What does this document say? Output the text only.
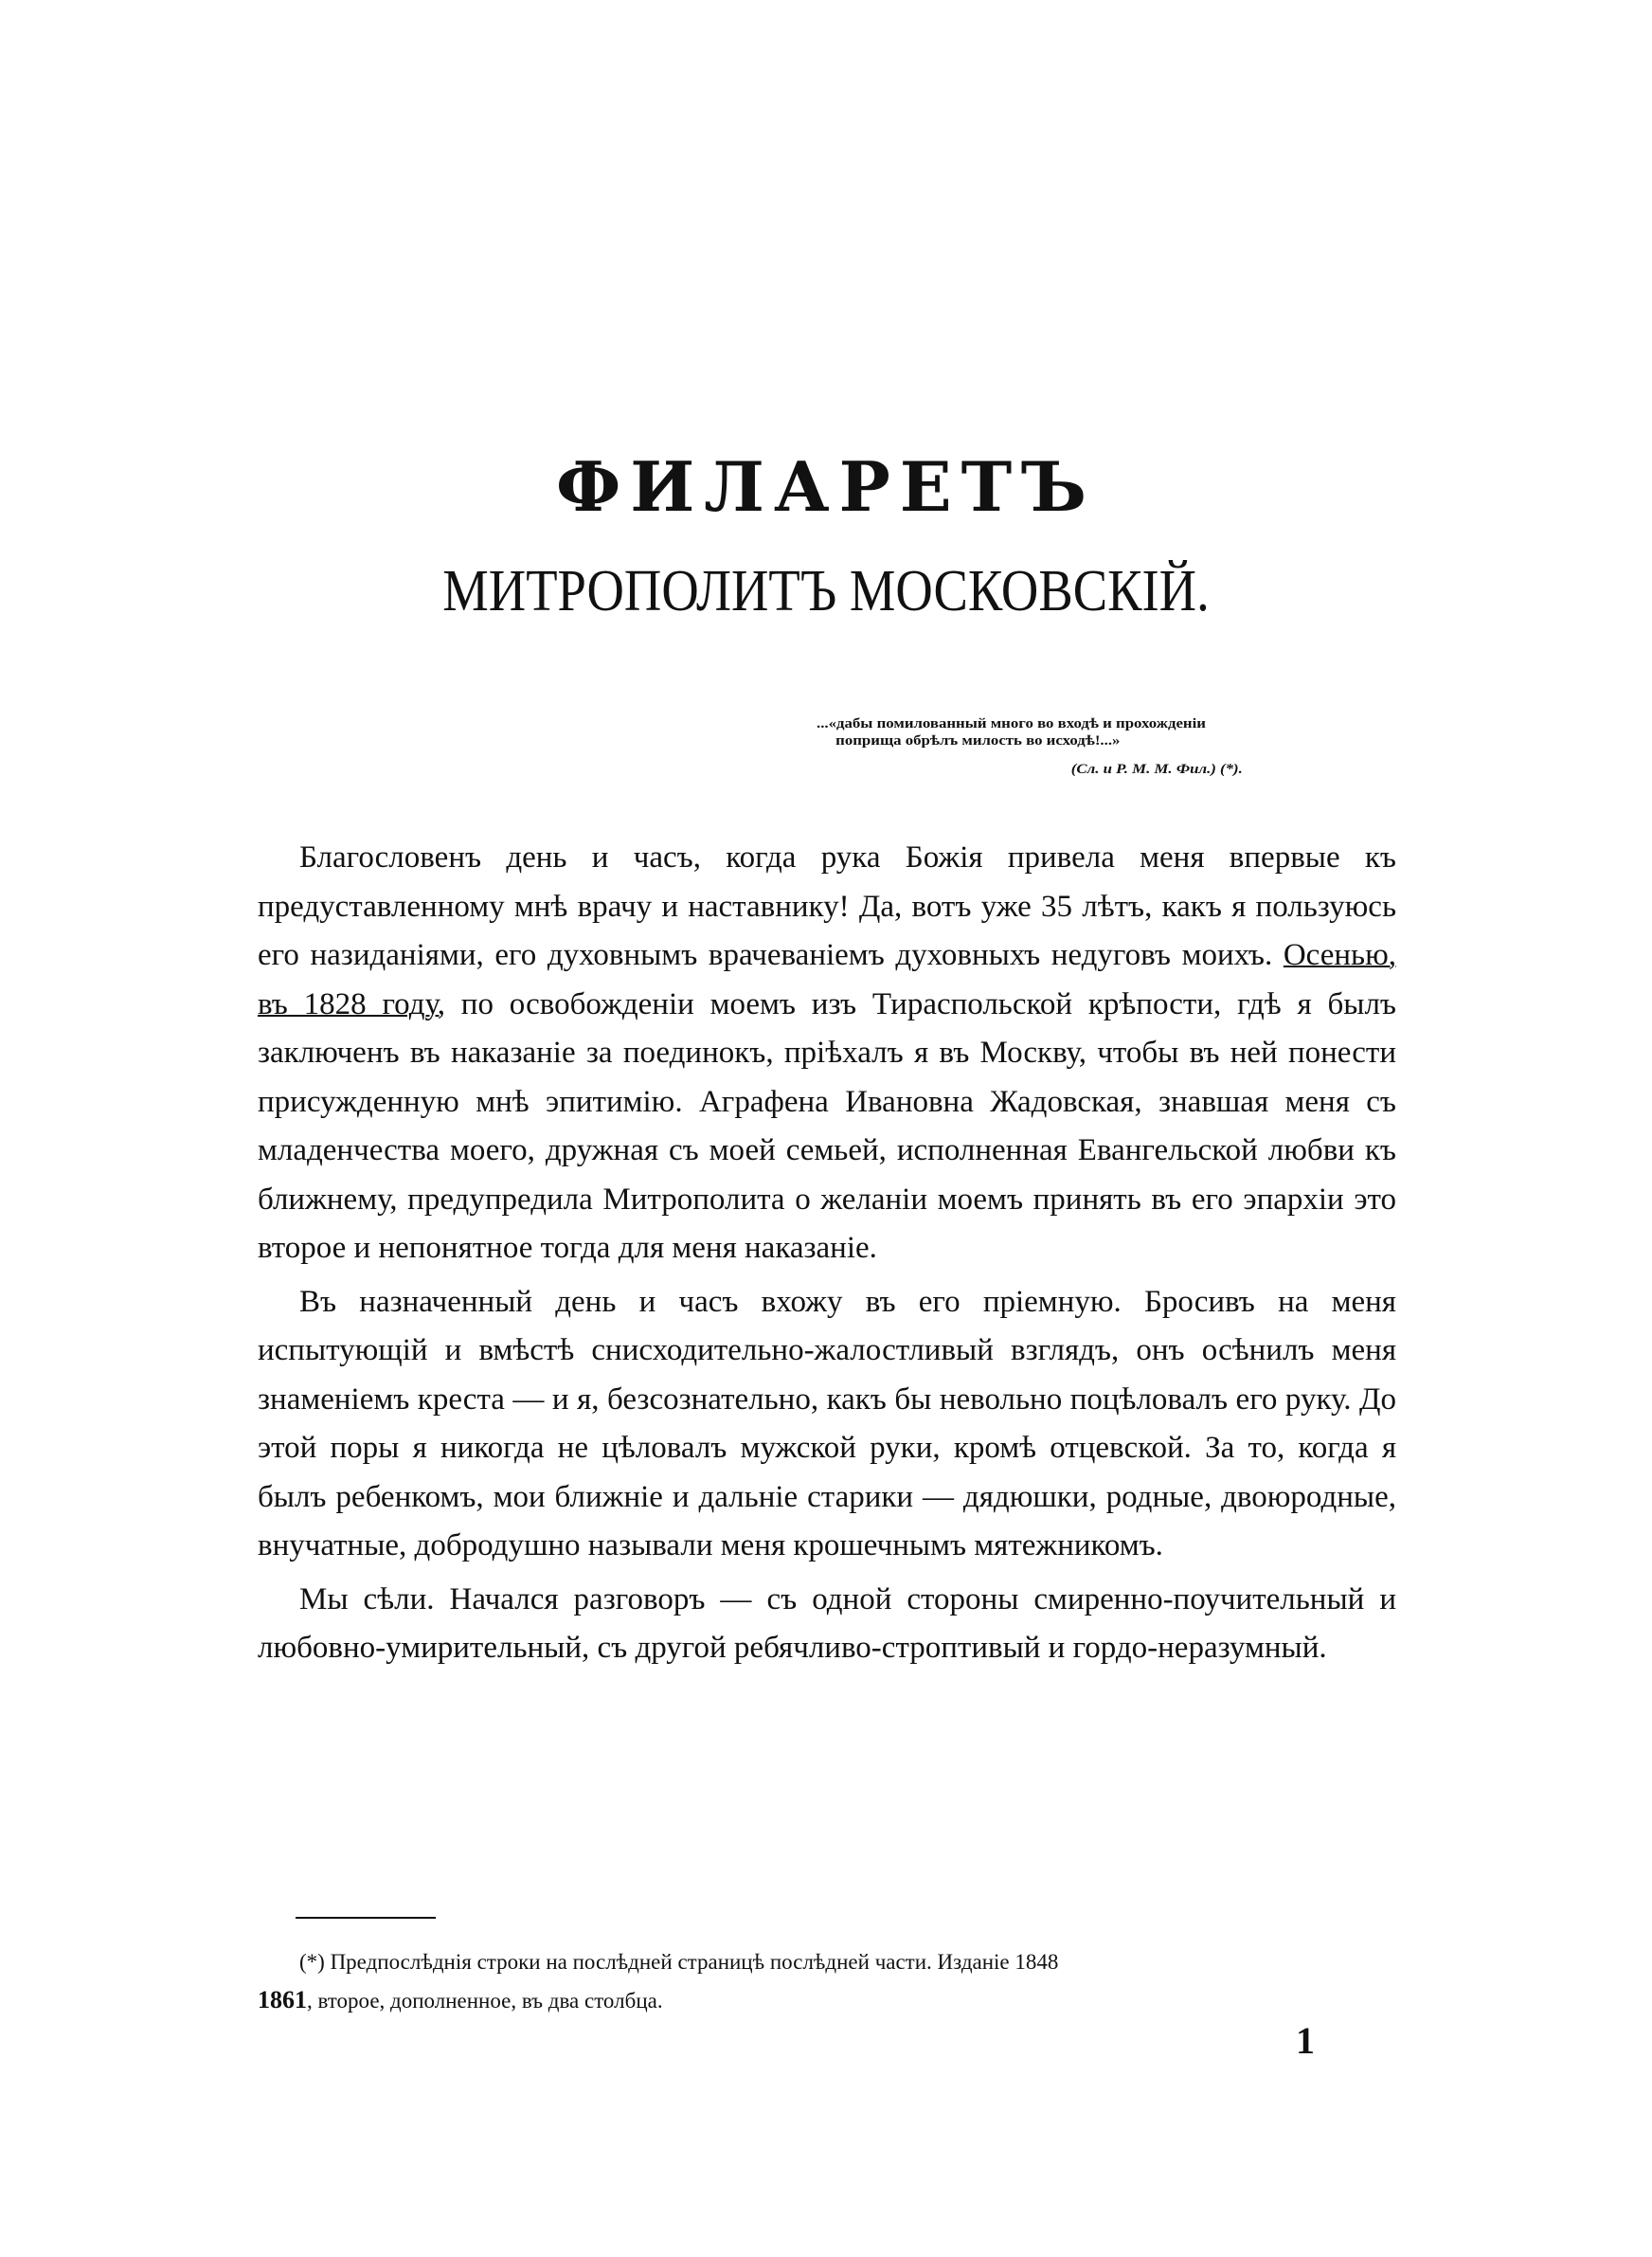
ФИЛАРЕТЪ
МИТРОПОЛИТЪ МОСКОВСКІЙ.
...«дабы помилованный много во входѣ и прохожденіи
поприща обрѣлъ милость во исходѣ!...»
(Сл. и Р. М. М. Фил.) (*).

Благословенъ день и часъ, когда рука Божія привела меня впервые къ предуставленному мнѣ врачу и наставнику! Да, вотъ уже 35 лѣтъ, какъ я пользуюсь его назиданіями, его духовнымъ врачеваніемъ духовныхъ недуговъ моихъ. Осенью, въ 1828 году, по освобожденіи моемъ изъ Тираспольской крѣпости, гдѣ я былъ заключенъ въ наказаніе за поединокъ, пріѣхалъ я въ Москву, чтобы въ ней понести присужденную мнѣ эпитимію. Аграфена Ивановна Жадовская, знавшая меня съ младенчества моего, дружная съ моей семьей, исполненная Евангельской любви къ ближнему, предупредила Митрополита о желаніи моемъ принять въ его эпархіи это второе и непонятное тогда для меня наказаніе.

Въ назначенный день и часъ вхожу въ его пріемную. Бросивъ на меня испытующій и вмѣстѣ снисходительно-жалостливый взглядъ, онъ осѣнилъ меня знаменіемъ креста — и я, безсознательно, какъ бы невольно поцѣловалъ его руку. До этой поры я никогда не цѣловалъ мужской руки, кромѣ отцевской. За то, когда я былъ ребенкомъ, мои ближніе и дальніе старики — дядюшки, родные, двоюродные, внучатные, добродушно называли меня крошечнымъ мятежникомъ.

Мы сѣли. Начался разговоръ — съ одной стороны смиренно-поучительный и любовно-умирительный, съ другой ребячливо-строптивый и гордо-неразумный.

(*) Предпослѣднія строки на послѣдней страницѣ послѣдней части. Изданіе 1848
1861, второе, дополненное, въ два столбца.
1
